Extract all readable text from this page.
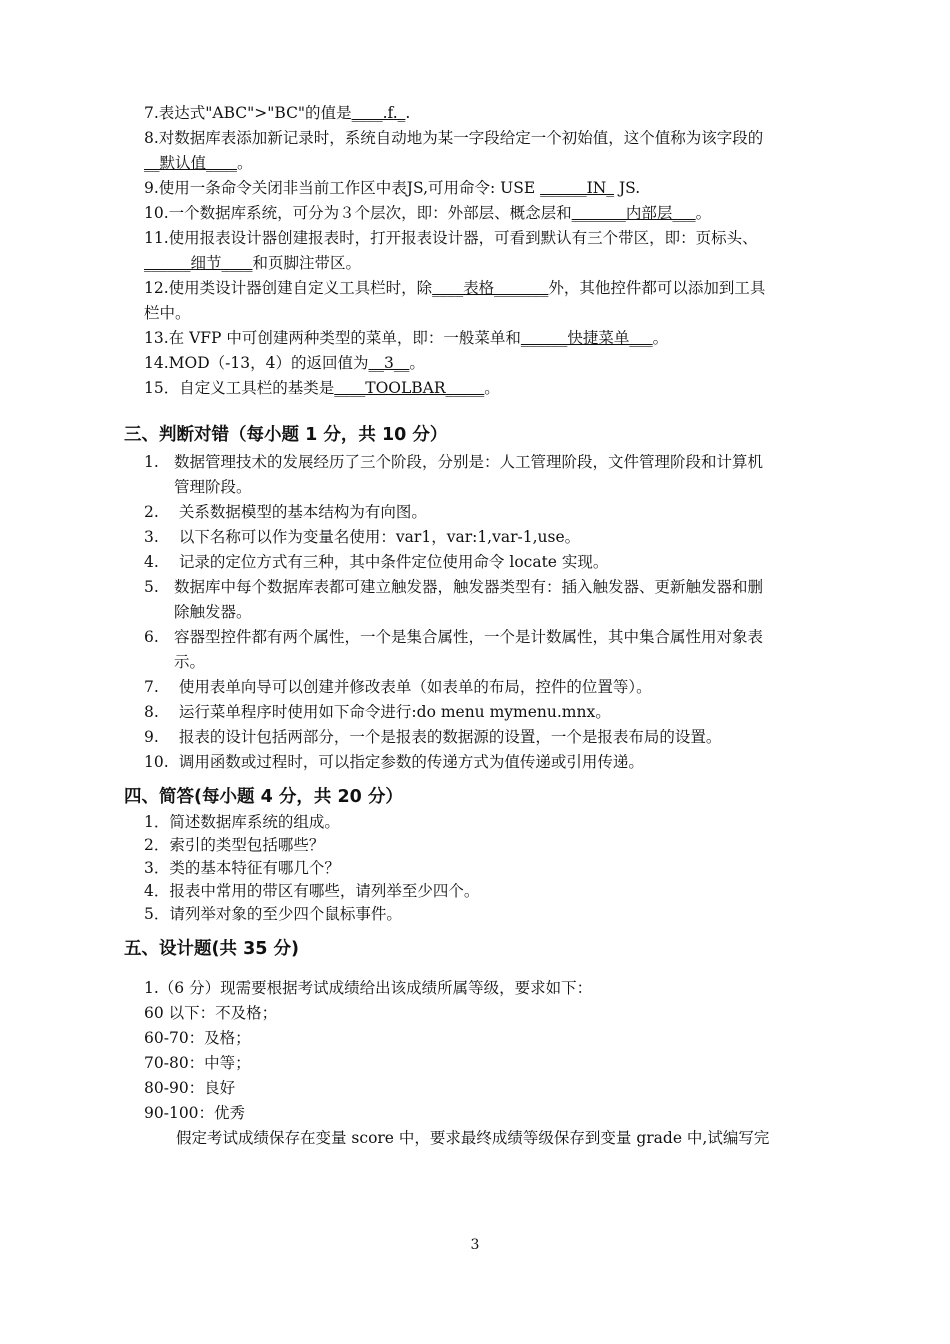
7.表达式"ABC">"BC"的值是____.f._.
8.对数据库表添加新记录时，系统自动地为某一字段给定一个初始值，这个值称为该字段的
__默认值____。
9.使用一条命令关闭非当前工作区中表JS,可用命令: USE ______IN_ JS.
10.一个数据库系统，可分为３个层次，即：外部层、概念层和_______内部层___。
11.使用报表设计器创建报表时，打开报表设计器，可看到默认有三个带区，即：页标头、
______细节____和页脚注带区。
12.使用类设计器创建自定义工具栏时，除____表格_______外，其他控件都可以添加到工具
栏中。
13.在 VFP 中可创建两种类型的菜单，即：一般菜单和______快捷菜单___。
14.MOD（-13，4）的返回值为__3__。
15．自定义工具栏的基类是____TOOLBAR_____。
三、判断对错（每小题 1 分，共 10 分）
1. 数据管理技术的发展经历了三个阶段，分别是：人工管理阶段，文件管理阶段和计算机
管理阶段。
2. 关系数据模型的基本结构为有向图。
3. 以下名称可以作为变量名使用：var1，var:1,var-1,use。
4. 记录的定位方式有三种，其中条件定位使用命令 locate 实现。
5. 数据库中每个数据库表都可建立触发器，触发器类型有：插入触发器、更新触发器和删
除触发器。
6. 容器型控件都有两个属性，一个是集合属性，一个是计数属性，其中集合属性用对象表
示。
7. 使用表单向导可以创建并修改表单（如表单的布局，控件的位置等）。
8. 运行菜单程序时使用如下命令进行:do menu mymenu.mnx。
9. 报表的设计包括两部分，一个是报表的数据源的设置，一个是报表布局的设置。
10. 调用函数或过程时，可以指定参数的传递方式为值传递或引用传递。
四、简答(每小题 4 分，共 20 分）
1．简述数据库系统的组成。
2．索引的类型包括哪些？
3．类的基本特征有哪几个？
4．报表中常用的带区有哪些，请列举至少四个。
5．请列举对象的至少四个鼠标事件。
五、设计题(共 35 分)
1.（6 分）现需要根据考试成绩给出该成绩所属等级，要求如下：
60 以下：不及格；
60-70：及格；
70-80：中等；
80-90：良好
90-100：优秀
假定考试成绩保存在变量 score 中，要求最终成绩等级保存到变量 grade 中,试编写完
3
